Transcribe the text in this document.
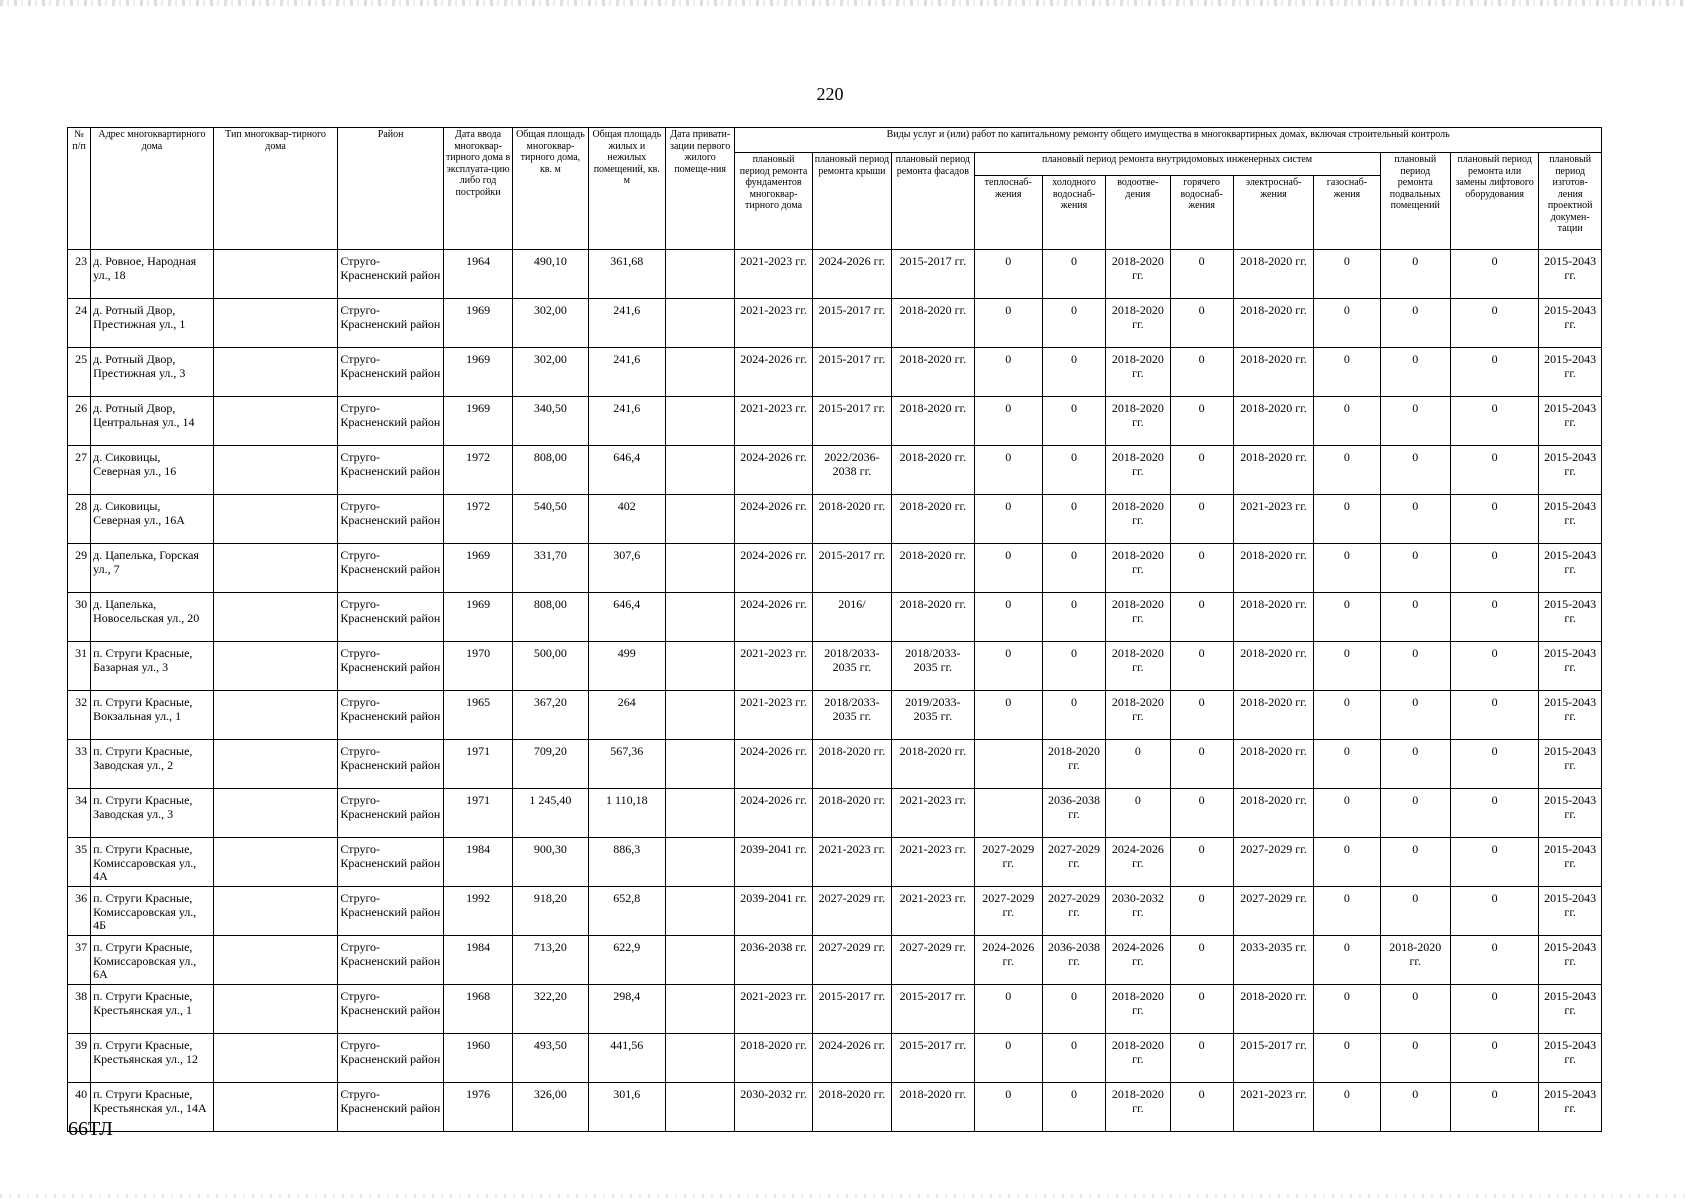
220
№ п/п	Адрес многоквартирного дома	Тип многоквар-тирного дома	Район	Дата ввода многоквар-тирного дома в эксплуата-цию либо год постройки	Общая площадь многоквар-тирного дома, кв. м	Общая площадь жилых и нежилых помещений, кв. м	Дата привати-зации первого жилого помеще-ния	Виды услуг и (или) работ по капитальному ремонту общего имущества в многоквартирных домах, включая строительный контроль											
								плановый период ремонта фундаментов многоквар-тирного дома	плановый период ремонта крыши	плановый период ремонта фасадов	плановый период ремонта внутридомовых инженерных систем						плановый период ремонта подвальных помещений	плановый период ремонта или замены лифтового оборудования	плановый период изготов-ления проектной докумен-тации
											теплоснаб-жения	холодного водоснаб-жения	водоотве-дения	горячего водоснаб-жения	электроснаб-жения	газоснаб-жения			
23	д. Ровное, Народная ул., 18		Струго-Красненский район	1964	490,10	361,68		2021-2023 гг.	2024-2026 гг.	2015-2017 гг.	0	0	2018-2020 гг.	0	2018-2020 гг.	0	0	0	2015-2043 гг.
24	д. Ротный Двор, Престижная ул., 1		Струго-Красненский район	1969	302,00	241,6		2021-2023 гг.	2015-2017 гг.	2018-2020 гг.	0	0	2018-2020 гг.	0	2018-2020 гг.	0	0	0	2015-2043 гг.
25	д. Ротный Двор, Престижная ул., 3		Струго-Красненский район	1969	302,00	241,6		2024-2026 гг.	2015-2017 гг.	2018-2020 гг.	0	0	2018-2020 гг.	0	2018-2020 гг.	0	0	0	2015-2043 гг.
26	д. Ротный Двор, Центральная ул., 14		Струго-Красненский район	1969	340,50	241,6		2021-2023 гг.	2015-2017 гг.	2018-2020 гг.	0	0	2018-2020 гг.	0	2018-2020 гг.	0	0	0	2015-2043 гг.
27	д. Сиковицы, Северная ул., 16		Струго-Красненский район	1972	808,00	646,4		2024-2026 гг.	2022/2036-2038 гг.	2018-2020 гг.	0	0	2018-2020 гг.	0	2018-2020 гг.	0	0	0	2015-2043 гг.
28	д. Сиковицы, Северная ул., 16А		Струго-Красненский район	1972	540,50	402		2024-2026 гг.	2018-2020 гг.	2018-2020 гг.	0	0	2018-2020 гг.	0	2021-2023 гг.	0	0	0	2015-2043 гг.
29	д. Цапелька, Горская ул., 7		Струго-Красненский район	1969	331,70	307,6		2024-2026 гг.	2015-2017 гг.	2018-2020 гг.	0	0	2018-2020 гг.	0	2018-2020 гг.	0	0	0	2015-2043 гг.
30	д. Цапелька, Новосельская ул., 20		Струго-Красненский район	1969	808,00	646,4		2024-2026 гг.	2016/	2018-2020 гг.	0	0	2018-2020 гг.	0	2018-2020 гг.	0	0	0	2015-2043 гг.
31	п. Струги Красные, Базарная ул., 3		Струго-Красненский район	1970	500,00	499		2021-2023 гг.	2018/2033-2035 гг.	2018/2033-2035 гг.	0	0	2018-2020 гг.	0	2018-2020 гг.	0	0	0	2015-2043 гг.
32	п. Струги Красные, Вокзальная ул., 1		Струго-Красненский район	1965	367,20	264		2021-2023 гг.	2018/2033-2035 гг.	2019/2033-2035 гг.	0	0	2018-2020 гг.	0	2018-2020 гг.	0	0	0	2015-2043 гг.
33	п. Струги Красные, Заводская ул., 2		Струго-Красненский район	1971	709,20	567,36		2024-2026 гг.	2018-2020 гг.	2018-2020 гг.		2018-2020 гг.	0	0	2018-2020 гг.	0	0	0	2015-2043 гг.
34	п. Струги Красные, Заводская ул., 3		Струго-Красненский район	1971	1 245,40	1 110,18		2024-2026 гг.	2018-2020 гг.	2021-2023 гг.		2036-2038 гг.	0	0	2018-2020 гг.	0	0	0	2015-2043 гг.
35	п. Струги Красные, Комиссаровская ул., 4А		Струго-Красненский район	1984	900,30	886,3		2039-2041 гг.	2021-2023 гг.	2021-2023 гг.	2027-2029 гг.	2027-2029 гг.	2024-2026 гг.	0	2027-2029 гг.	0	0	0	2015-2043 гг.
36	п. Струги Красные, Комиссаровская ул., 4Б		Струго-Красненский район	1992	918,20	652,8		2039-2041 гг.	2027-2029 гг.	2021-2023 гг.	2027-2029 гг.	2027-2029 гг.	2030-2032 гг.	0	2027-2029 гг.	0	0	0	2015-2043 гг.
37	п. Струги Красные, Комиссаровская ул., 6А		Струго-Красненский район	1984	713,20	622,9		2036-2038 гг.	2027-2029 гг.	2027-2029 гг.	2024-2026 гг.	2036-2038 гг.	2024-2026 гг.	0	2033-2035 гг.	0	2018-2020 гг.	0	2015-2043 гг.
38	п. Струги Красные, Крестьянская ул., 1		Струго-Красненский район	1968	322,20	298,4		2021-2023 гг.	2015-2017 гг.	2015-2017 гг.	0	0	2018-2020 гг.	0	2018-2020 гг.	0	0	0	2015-2043 гг.
39	п. Струги Красные, Крестьянская ул., 12		Струго-Красненский район	1960	493,50	441,56		2018-2020 гг.	2024-2026 гг.	2015-2017 гг.	0	0	2018-2020 гг.	0	2015-2017 гг.	0	0	0	2015-2043 гг.
40	п. Струги Красные, Крестьянская ул., 14А		Струго-Красненский район	1976	326,00	301,6		2030-2032 гг.	2018-2020 гг.	2018-2020 гг.	0	0	2018-2020 гг.	0	2021-2023 гг.	0	0	0	2015-2043 гг.
66ТЛ
